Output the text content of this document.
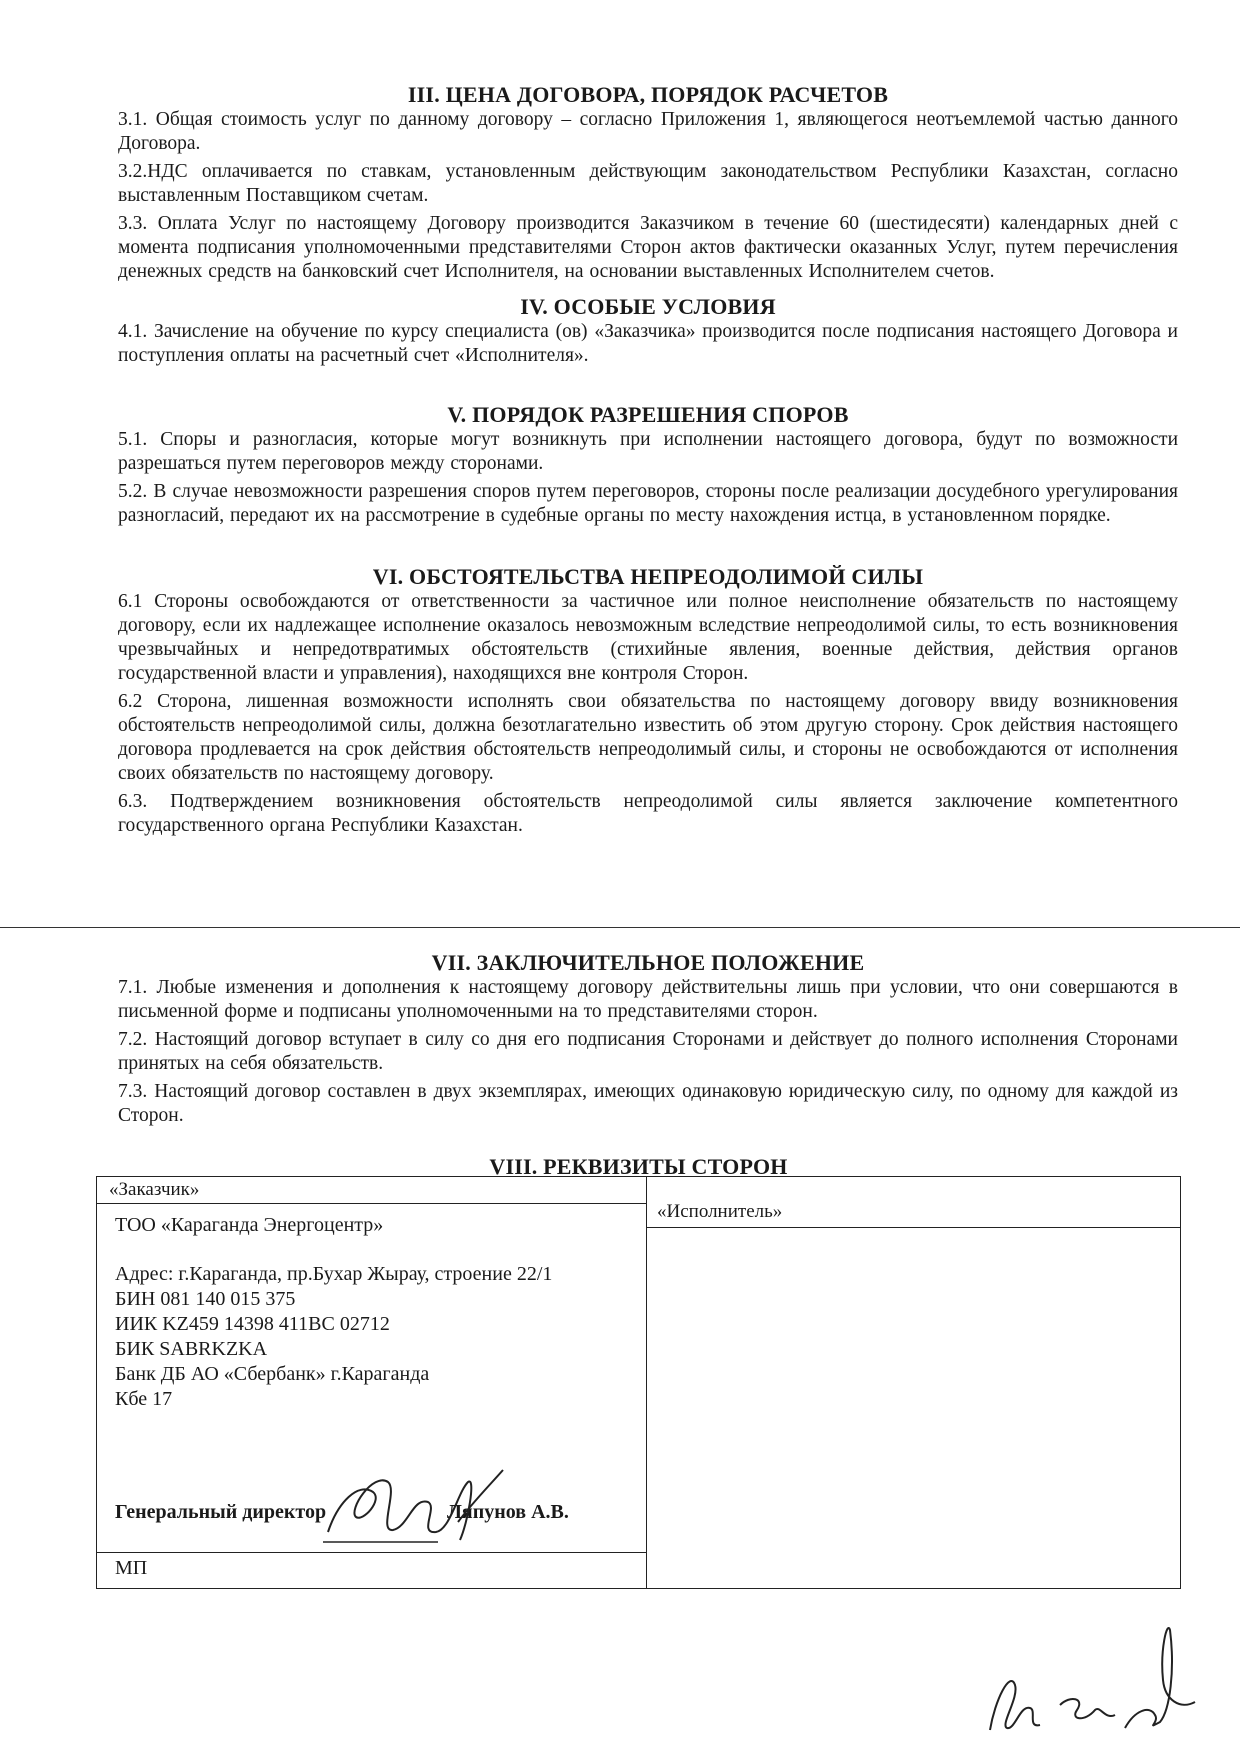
III. ЦЕНА ДОГОВОРА, ПОРЯДОК РАСЧЕТОВ

3.1. Общая стоимость услуг по данному договору – согласно Приложения 1, являющегося неотъемлемой частью данного Договора.

3.2.НДС оплачивается по ставкам, установленным действующим законодательством Республики Казахстан, согласно выставленным Поставщиком счетам.

3.3. Оплата Услуг по настоящему Договору производится Заказчиком в течение 60 (шестидесяти) календарных дней с момента подписания уполномоченными представителями Сторон актов фактически оказанных Услуг, путем перечисления денежных средств на банковский счет Исполнителя, на основании выставленных Исполнителем счетов.

IV. ОСОБЫЕ УСЛОВИЯ

4.1. Зачисление на обучение по курсу специалиста (ов) «Заказчика» производится после подписания настоящего Договора и поступления оплаты на расчетный счет «Исполнителя».

V. ПОРЯДОК РАЗРЕШЕНИЯ СПОРОВ

5.1. Споры и разногласия, которые могут возникнуть при исполнении настоящего договора, будут по возможности разрешаться путем переговоров между сторонами.

5.2. В случае невозможности разрешения споров путем переговоров, стороны после реализации досудебного урегулирования разногласий, передают их на рассмотрение в судебные органы по месту нахождения истца, в установленном порядке.

VI. ОБСТОЯТЕЛЬСТВА НЕПРЕОДОЛИМОЙ СИЛЫ

6.1 Стороны освобождаются от ответственности за частичное или полное неисполнение обязательств по настоящему договору, если их надлежащее исполнение оказалось невозможным вследствие непреодолимой силы, то есть возникновения чрезвычайных и непредотвратимых обстоятельств (стихийные явления, военные действия, действия органов государственной власти и управления), находящихся вне контроля Сторон.

6.2 Сторона, лишенная возможности исполнять свои обязательства по настоящему договору ввиду возникновения обстоятельств непреодолимой силы, должна безотлагательно известить об этом другую сторону. Срок действия настоящего договора продлевается на срок действия обстоятельств непреодолимый силы, и стороны не освобождаются от исполнения своих обязательств по настоящему договору.

6.3. Подтверждением возникновения обстоятельств непреодолимой силы является заключение компетентного государственного органа Республики Казахстан.

VII. ЗАКЛЮЧИТЕЛЬНОЕ ПОЛОЖЕНИЕ

7.1. Любые изменения и дополнения к настоящему договору действительны лишь при условии, что они совершаются в письменной форме и подписаны уполномоченными на то представителями сторон.

7.2. Настоящий договор вступает в силу со дня его подписания Сторонами и действует до полного исполнения Сторонами принятых на себя обязательств.

7.3. Настоящий договор составлен в двух экземплярах, имеющих одинаковую юридическую силу, по одному для каждой из Сторон.

VIII. РЕКВИЗИТЫ СТОРОН
«Заказчик»
«Исполнитель»
ТОО «Караганда Энергоцентр»
Адрес: г.Караганда, пр.Бухар Жырау, строение 22/1
БИН 081 140 015 375
ИИК KZ459 14398 411BC 02712
БИК SABRKZKA
Банк ДБ АО «Сбербанк» г.Караганда
Кбе 17
Генеральный директор	Ляпунов А.В.
МП
